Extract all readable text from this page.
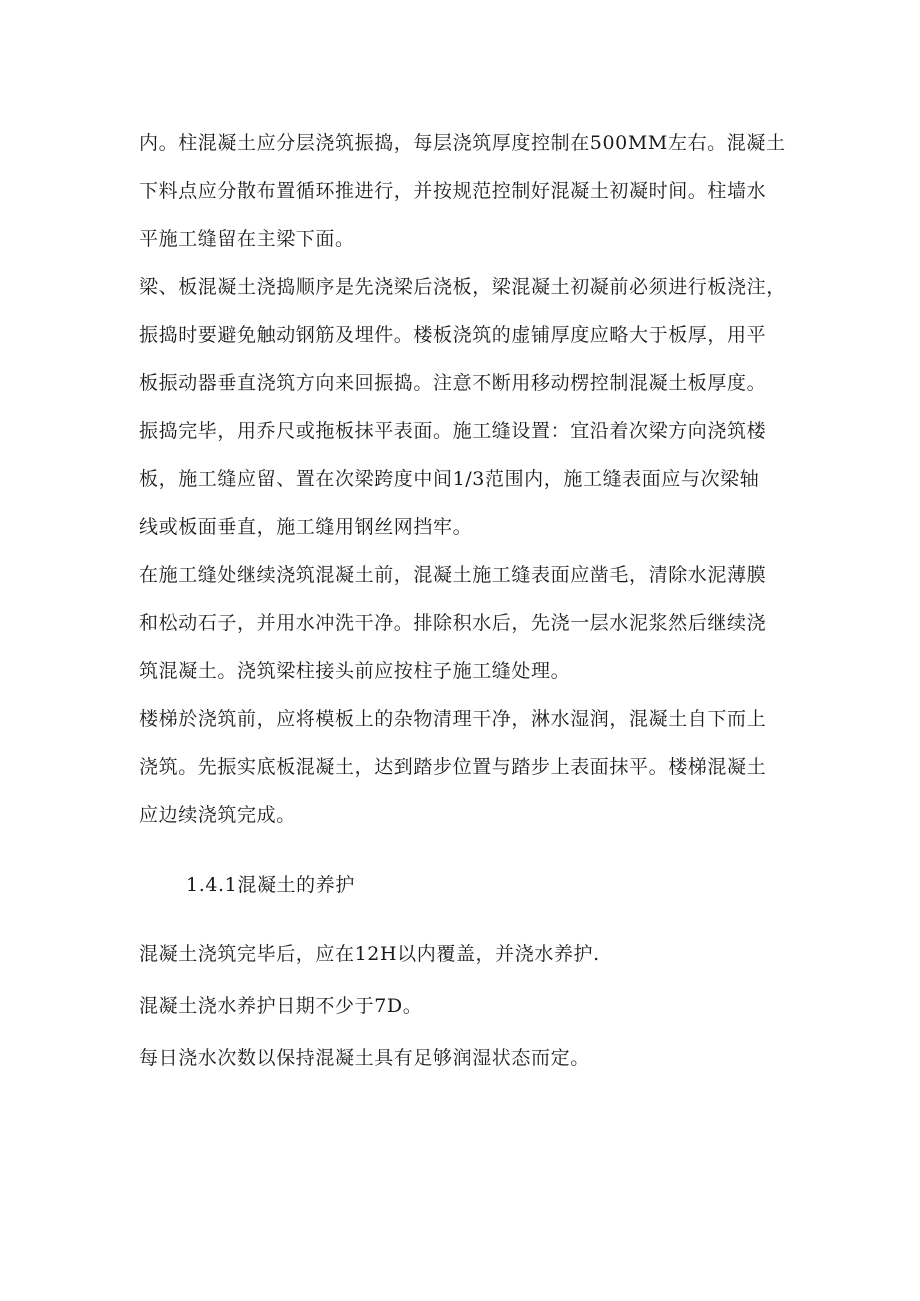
内。柱混凝土应分层浇筑振捣，每层浇筑厚度控制在500MM左右。混凝土
下料点应分散布置循环推进行，并按规范控制好混凝土初凝时间。柱墙水
平施工缝留在主梁下面。
梁、板混凝土浇捣顺序是先浇梁后浇板，梁混凝土初凝前必须进行板浇注，
振捣时要避免触动钢筋及埋件。楼板浇筑的虚铺厚度应略大于板厚，用平
板振动器垂直浇筑方向来回振捣。注意不断用移动楞控制混凝土板厚度。
振捣完毕，用乔尺或拖板抹平表面。施工缝设置：宜沿着次梁方向浇筑楼
板，施工缝应留、置在次梁跨度中间1/3范围内，施工缝表面应与次梁轴
线或板面垂直，施工缝用钢丝网挡牢。
在施工缝处继续浇筑混凝土前，混凝土施工缝表面应凿毛，清除水泥薄膜
和松动石子，并用水冲洗干净。排除积水后，先浇一层水泥浆然后继续浇
筑混凝土。浇筑梁柱接头前应按柱子施工缝处理。
楼梯於浇筑前，应将模板上的杂物清理干净，淋水湿润，混凝土自下而上
浇筑。先振实底板混凝土，达到踏步位置与踏步上表面抹平。楼梯混凝土
应边续浇筑完成。
1.4.1混凝土的养护
混凝土浇筑完毕后，应在12H以内覆盖，并浇水养护.
混凝土浇水养护日期不少于7D。
每日浇水次数以保持混凝土具有足够润湿状态而定。
